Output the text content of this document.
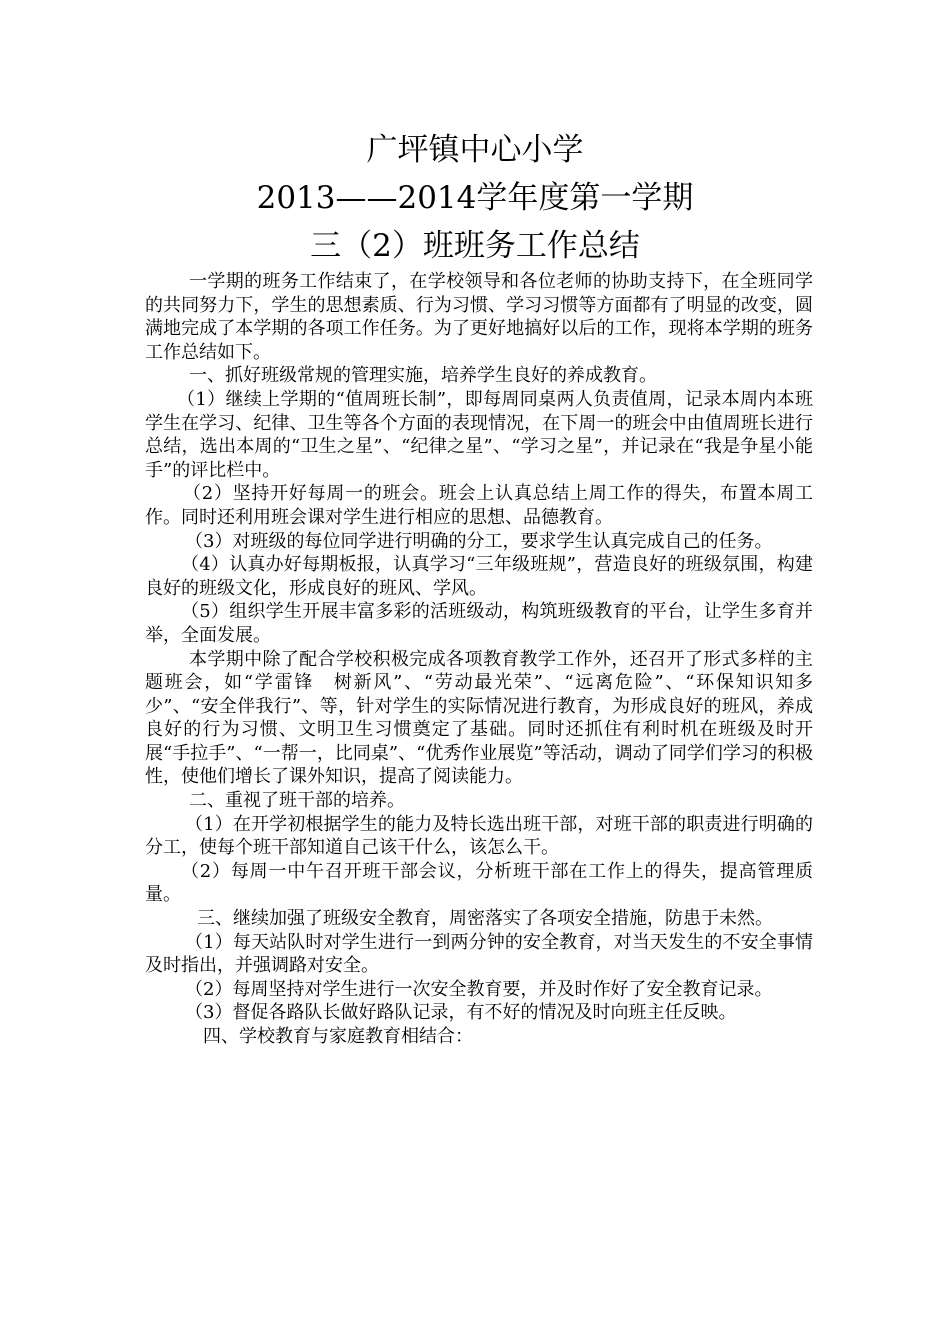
广坪镇中心小学
2013——2014学年度第一学期
三（2）班班务工作总结

一学期的班务工作结束了，在学校领导和各位老师的协助支持下，在全班同学的共同努力下，学生的思想素质、行为习惯、学习习惯等方面都有了明显的改变，圆满地完成了本学期的各项工作任务。为了更好地搞好以后的工作，现将本学期的班务工作总结如下。

一、抓好班级常规的管理实施，培养学生良好的养成教育。

（1）继续上学期的“值周班长制”，即每周同桌两人负责值周，记录本周内本班学生在学习、纪律、卫生等各个方面的表现情况，在下周一的班会中由值周班长进行总结，选出本周的“卫生之星”、“纪律之星”、“学习之星”，并记录在“我是争星小能手”的评比栏中。

（2）坚持开好每周一的班会。班会上认真总结上周工作的得失，布置本周工作。同时还利用班会课对学生进行相应的思想、品德教育。

（3）对班级的每位同学进行明确的分工，要求学生认真完成自己的任务。

（4）认真办好每期板报，认真学习“三年级班规”，营造良好的班级氛围，构建良好的班级文化，形成良好的班风、学风。

（5）组织学生开展丰富多彩的活班级动，构筑班级教育的平台，让学生多育并举，全面发展。

本学期中除了配合学校积极完成各项教育教学工作外，还召开了形式多样的主题班会，如“学雷锋　树新风”、“劳动最光荣”、“远离危险”、“环保知识知多少”、“安全伴我行”、等，针对学生的实际情况进行教育，为形成良好的班风，养成良好的行为习惯、文明卫生习惯奠定了基础。同时还抓住有利时机在班级及时开展“手拉手”、“一帮一，比同桌”、“优秀作业展览”等活动，调动了同学们学习的积极性，使他们增长了课外知识，提高了阅读能力。

二、重视了班干部的培养。

（1）在开学初根据学生的能力及特长选出班干部，对班干部的职责进行明确的分工，使每个班干部知道自己该干什么，该怎么干。

（2）每周一中午召开班干部会议，分析班干部在工作上的得失，提高管理质量。

三、继续加强了班级安全教育，周密落实了各项安全措施，防患于未然。

（1）每天站队时对学生进行一到两分钟的安全教育，对当天发生的不安全事情及时指出，并强调路对安全。

（2）每周坚持对学生进行一次安全教育要，并及时作好了安全教育记录。

（3）督促各路队长做好路队记录，有不好的情况及时向班主任反映。

四、学校教育与家庭教育相结合：
